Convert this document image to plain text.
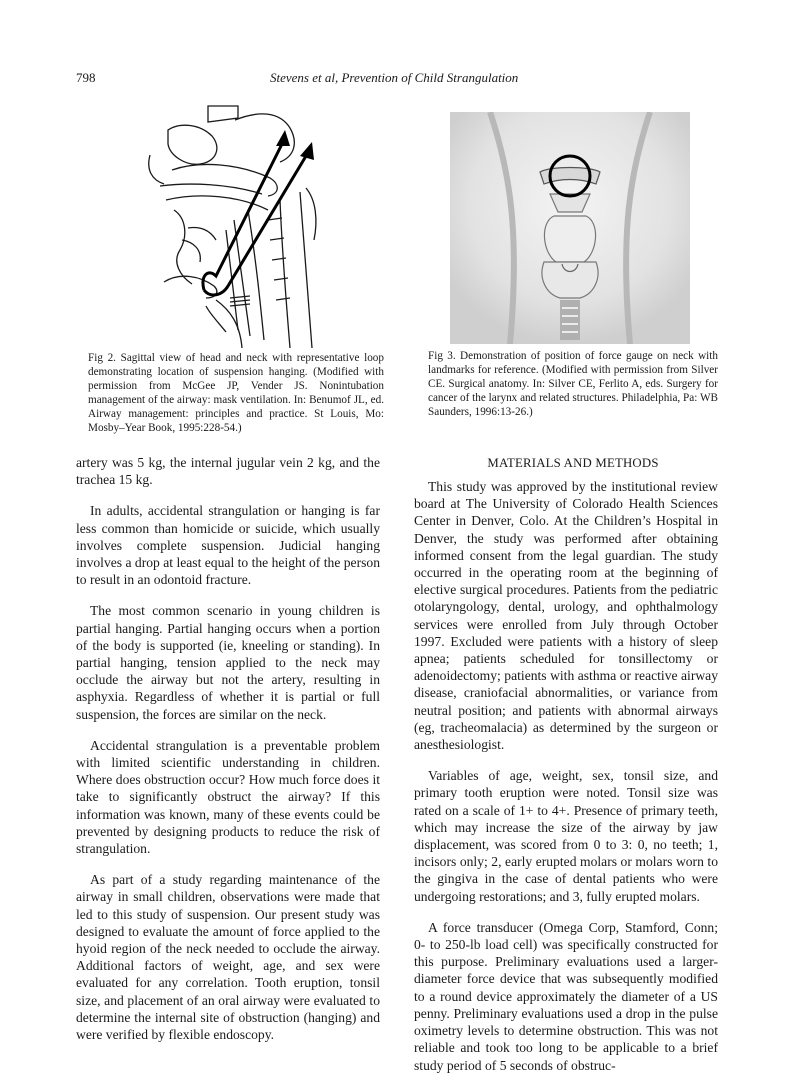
798	Stevens et al, Prevention of Child Strangulation
Fig 2. Sagittal view of head and neck with representative loop demonstrating location of suspension hanging. (Modified with permission from McGee JP, Vender JS. Nonintubation management of the airway: mask ventilation. In: Benumof JL, ed. Airway management: principles and practice. St Louis, Mo: Mosby–Year Book, 1995:228-54.)
Fig 3. Demonstration of position of force gauge on neck with landmarks for reference. (Modified with permission from Silver CE. Surgical anatomy. In: Silver CE, Ferlito A, eds. Surgery for cancer of the larynx and related structures. Philadelphia, Pa: WB Saunders, 1996:13-26.)
MATERIALS AND METHODS

artery was 5 kg, the internal jugular vein 2 kg, and the trachea 15 kg.

In adults, accidental strangulation or hanging is far less common than homicide or suicide, which usually involves complete suspension. Judicial hanging involves a drop at least equal to the height of the person to result in an odontoid fracture.

The most common scenario in young children is partial hanging. Partial hanging occurs when a portion of the body is supported (ie, kneeling or standing). In partial hanging, tension applied to the neck may occlude the airway but not the artery, resulting in asphyxia. Regardless of whether it is partial or full suspension, the forces are similar on the neck.

Accidental strangulation is a preventable problem with limited scientific understanding in children. Where does obstruction occur? How much force does it take to significantly obstruct the airway? If this information was known, many of these events could be prevented by designing products to reduce the risk of strangulation.

As part of a study regarding maintenance of the airway in small children, observations were made that led to this study of suspension. Our present study was designed to evaluate the amount of force applied to the hyoid region of the neck needed to occlude the airway. Additional factors of weight, age, and sex were evaluated for any correlation. Tooth eruption, tonsil size, and placement of an oral airway were evaluated to determine the internal site of obstruction (hanging) and were verified by flexible endoscopy.

This study was approved by the institutional review board at The University of Colorado Health Sciences Center in Denver, Colo. At the Children’s Hospital in Denver, the study was performed after obtaining informed consent from the legal guardian. The study occurred in the operating room at the beginning of elective surgical procedures. Patients from the pediatric otolaryngology, dental, urology, and ophthalmology services were enrolled from July through October 1997. Excluded were patients with a history of sleep apnea; patients scheduled for tonsillectomy or adenoidectomy; patients with asthma or reactive airway disease, craniofacial abnormalities, or variance from neutral position; and patients with abnormal airways (eg, tracheomalacia) as determined by the surgeon or anesthesiologist.

Variables of age, weight, sex, tonsil size, and primary tooth eruption were noted. Tonsil size was rated on a scale of 1+ to 4+. Presence of primary teeth, which may increase the size of the airway by jaw displacement, was scored from 0 to 3: 0, no teeth; 1, incisors only; 2, early erupted molars or molars worn to the gingiva in the case of dental patients who were undergoing restorations; and 3, fully erupted molars.

A force transducer (Omega Corp, Stamford, Conn; 0- to 250-lb load cell) was specifically constructed for this purpose. Preliminary evaluations used a larger-diameter force device that was subsequently modified to a round device approximately the diameter of a US penny. Preliminary evaluations used a drop in the pulse oximetry levels to determine obstruction. This was not reliable and took too long to be applicable to a brief study period of 5 seconds of obstruc-
